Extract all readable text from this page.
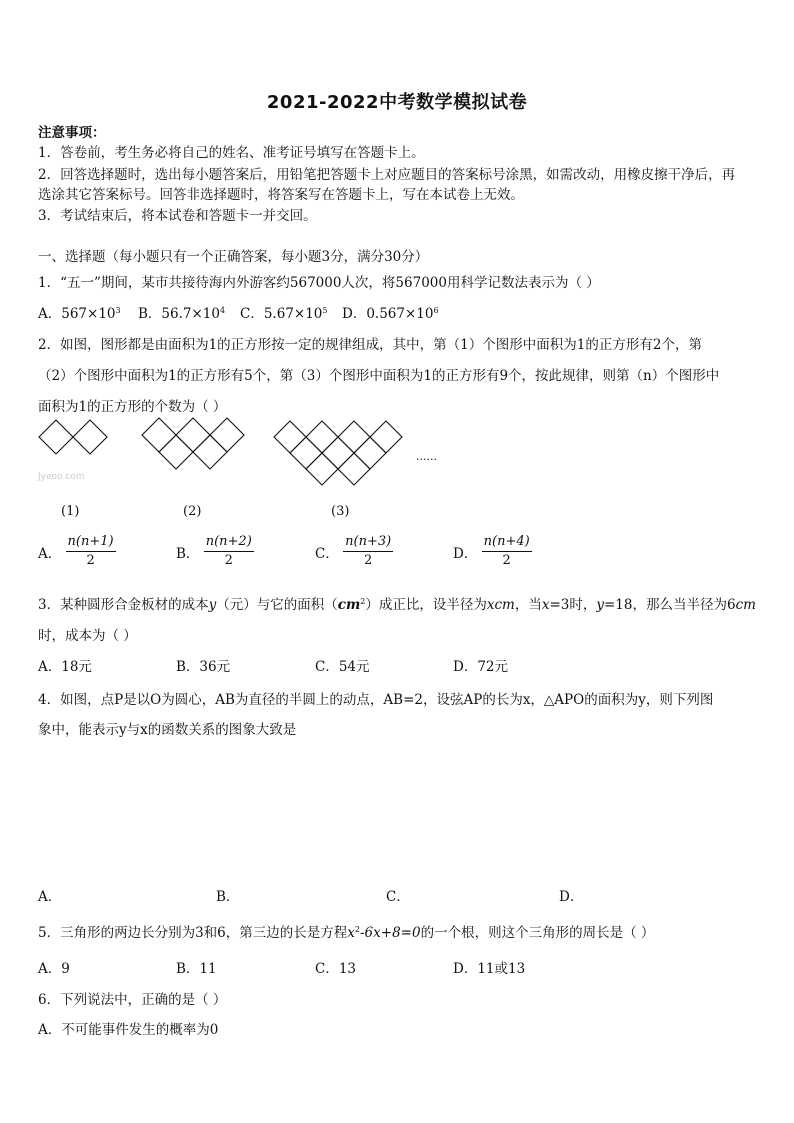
2021-2022中考数学模拟试卷
注意事项：
1．答卷前，考生务必将自己的姓名、准考证号填写在答题卡上。
2．回答选择题时，选出每小题答案后，用铅笔把答题卡上对应题目的答案标号涂黑，如需改动，用橡皮擦干净后，再
选涂其它答案标号。回答非选择题时，将答案写在答题卡上，写在本试卷上无效。
3．考试结束后，将本试卷和答题卡一并交回。
一、选择题（每小题只有一个正确答案，每小题3分，满分30分）
1．“五一”期间，某市共接待海内外游客约567000人次，将567000用科学记数法表示为（ ）
A．$567\times 10^3$ B．$56.7\times 10^4$ C．$5.67\times 10^5$ D．$0.567\times 10^6$
2．如图，图形都是由面积为1的正方形按一定的规律组成，其中，第（1）个图形中面积为1的正方形有2个，第
（2）个图形中面积为1的正方形有5个，第（3）个图形中面积为1的正方形有9个，按此规律，则第（n）个图形中
面积为1的正方形的个数为（ ）
Jyeoo.com
......
(1)	(2)	(3)
A． $\frac{n(n+1)}{2}$	B． $\frac{n(n+2)}{2}$	C． $\frac{n(n+3)}{2}$	D． $\frac{n(n+4)}{2}$
3．某种圆形合金板材的成本y（元）与它的面积$(cm^2)$成正比，设半径为xcm，当x=3时，y=18，那么当半径为6cm
时，成本为（ ）
A．18元	B．36元	C．54元	D．72元
4．如图，点P是以O为圆心，AB为直径的半圆上的动点，AB=2，设弦AP的长为x，△APO的面积为y，则下列图
象中，能表示y与x的函数关系的图象大致是
A．	B．	C．	D．
5．三角形的两边长分别为3和6，第三边的长是方程$x^2-6x+8=0$的一个根，则这个三角形的周长是（ ）
A．9	B．11	C．13	D．11或13
6．下列说法中，正确的是（ ）
A．不可能事件发生的概率为0
